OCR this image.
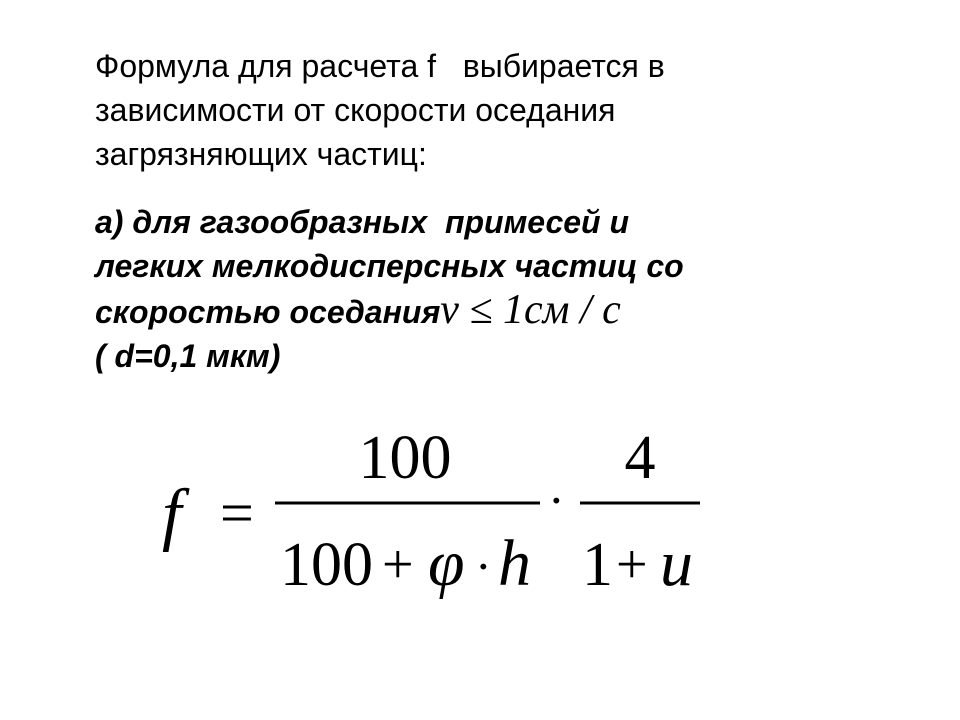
Формула для расчета f   выбирается в
зависимости от скорости оседания
загрязняющих частиц:
а) для газообразных  примесей и
легких мелкодисперсных частиц со
скоростью оседанияv ≤ 1см / с
( d=0,1 мкм)
f =
100
100 + φ · h
·
4
1 + u
